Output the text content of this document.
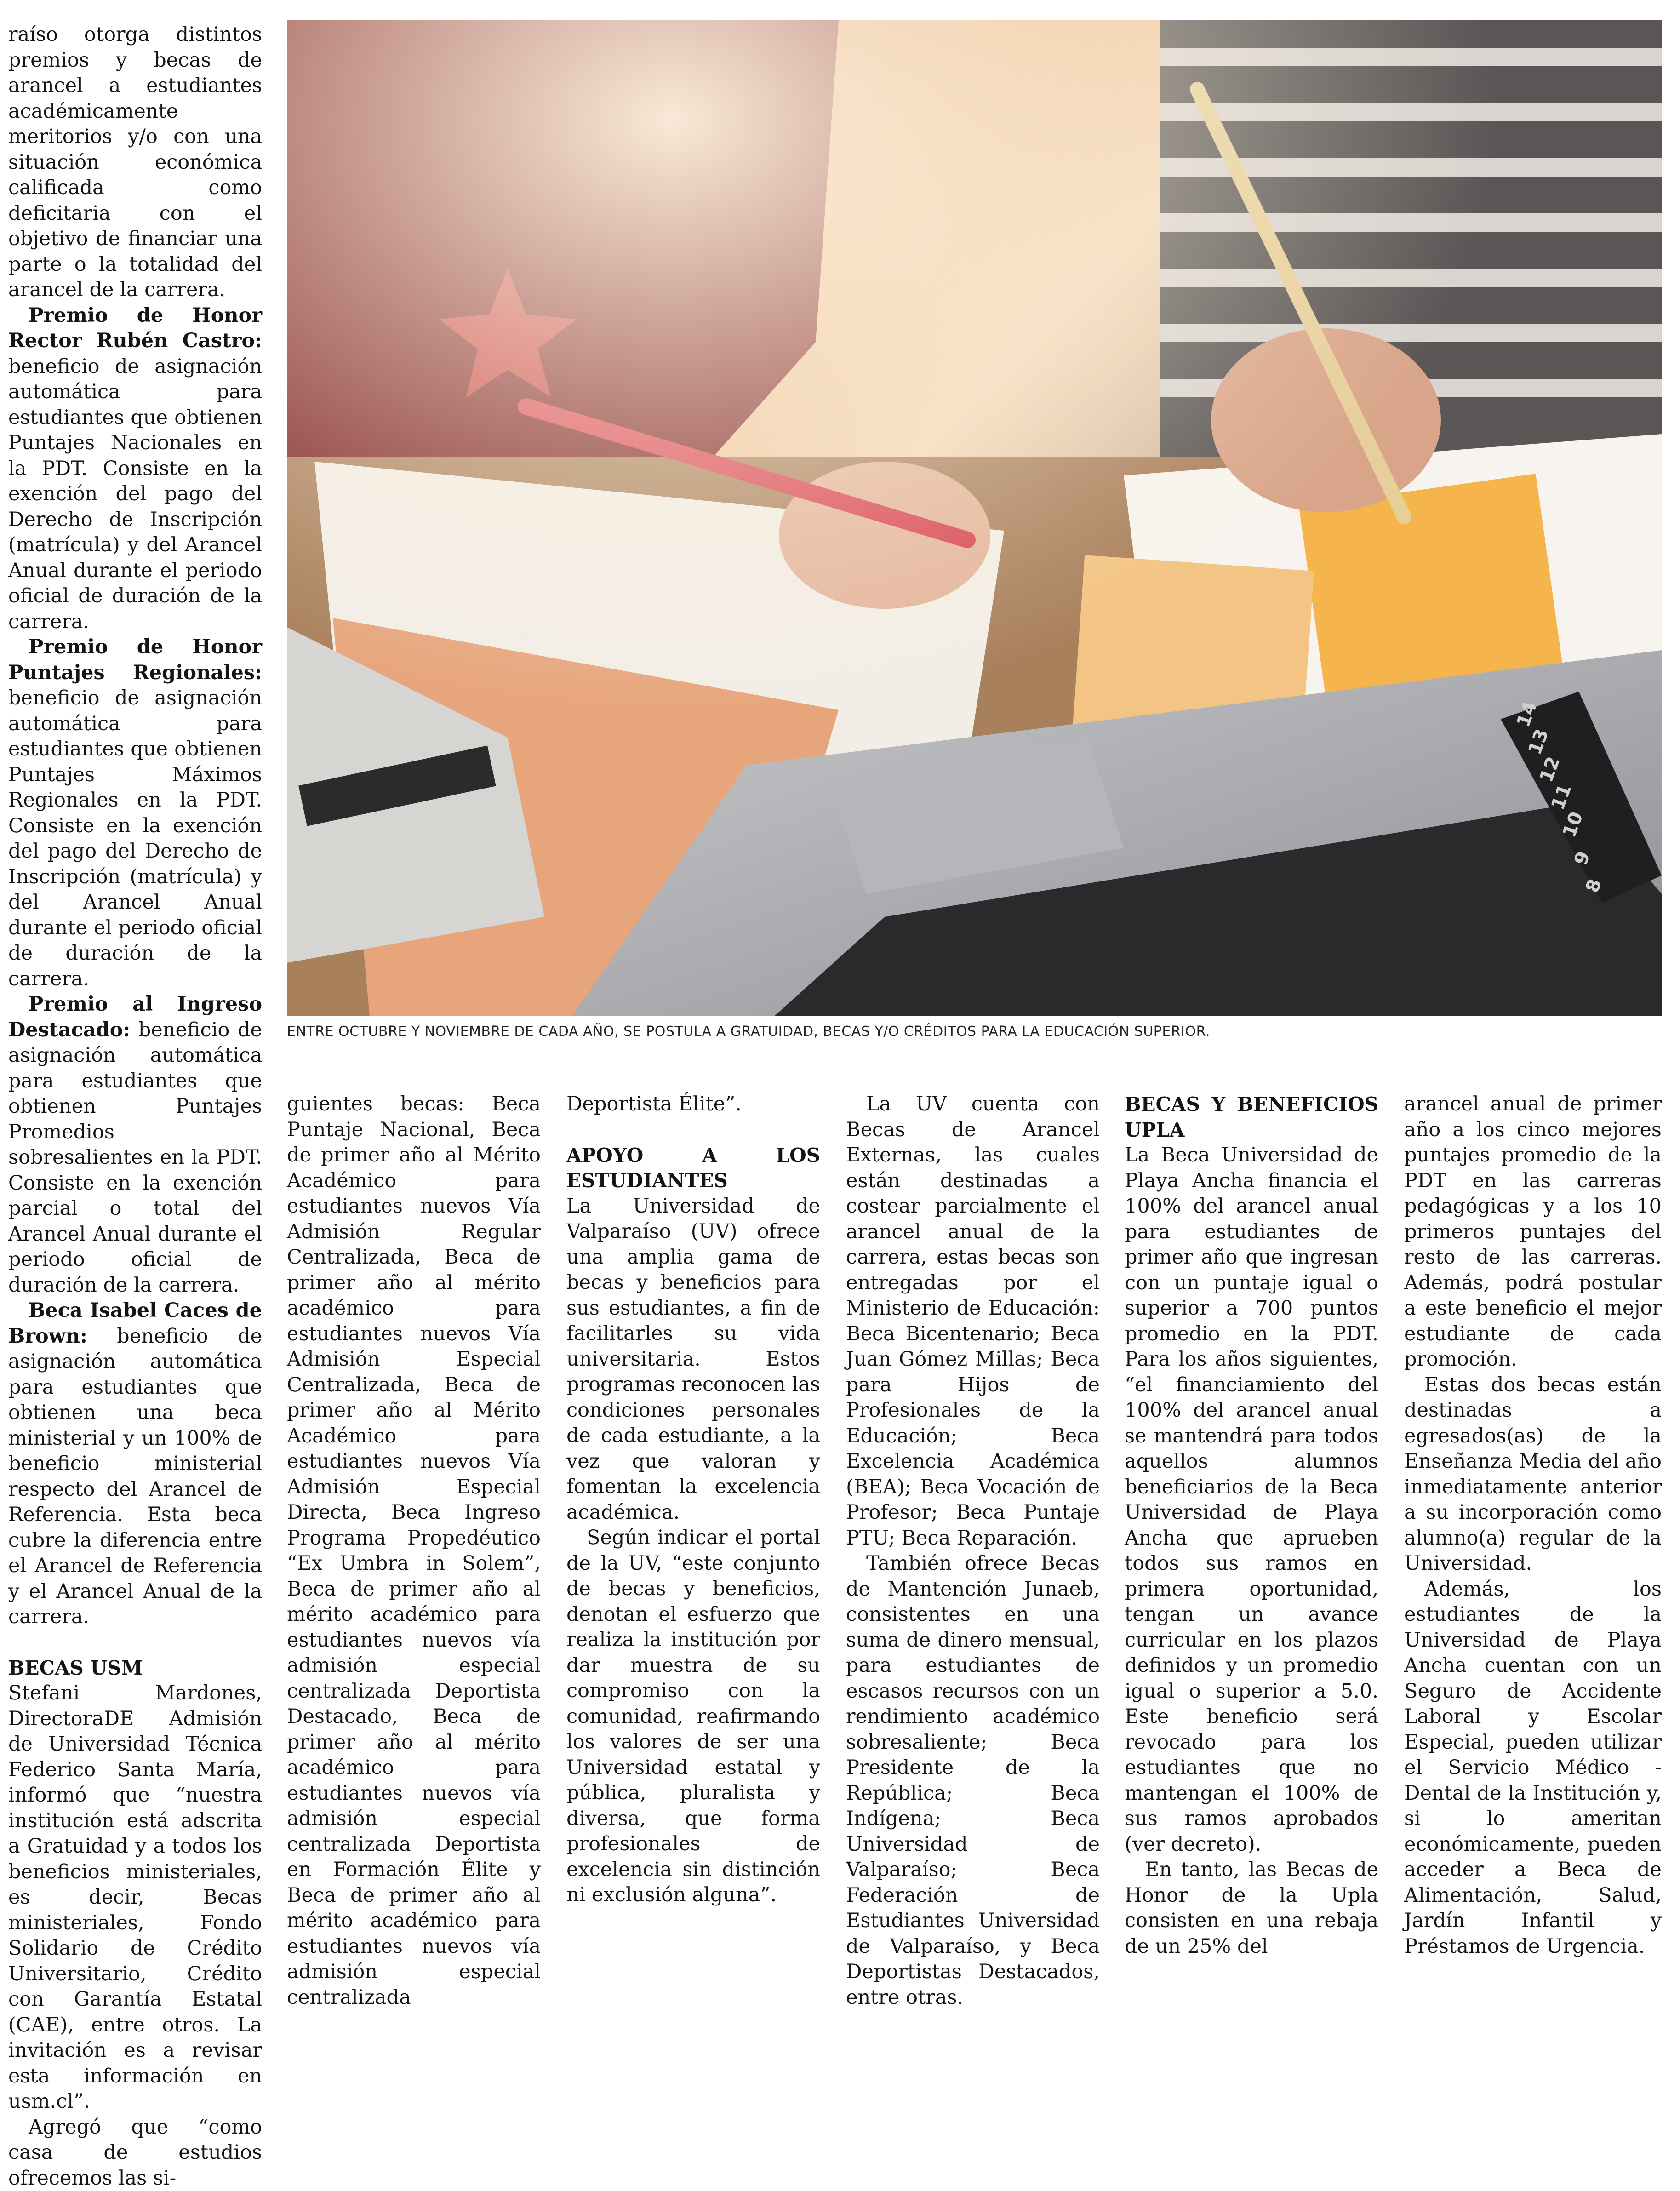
raíso otorga distintos premios y becas de arancel a estudiantes académicamente meritorios y/o con una situación económica calificada como deficitaria con el objetivo de financiar una parte o la totalidad del arancel de la carrera.

Premio de Honor Rector Rubén Castro: beneficio de asignación automática para estudiantes que obtienen Puntajes Nacionales en la PDT. Consiste en la exención del pago del Derecho de Inscripción (matrícula) y del Arancel Anual durante el periodo oficial de duración de la carrera.

Premio de Honor Puntajes Regionales: beneficio de asignación automática para estudiantes que obtienen Puntajes Máximos Regionales en la PDT. Consiste en la exención del pago del Derecho de Inscripción (matrícula) y del Arancel Anual durante el periodo oficial de duración de la carrera.

Premio al Ingreso Destacado: beneficio de asignación automática para estudiantes que obtienen Puntajes Promedios sobresalientes en la PDT. Consiste en la exención parcial o total del Arancel Anual durante el periodo oficial de duración de la carrera.

Beca Isabel Caces de Brown: beneficio de asignación automática para estudiantes que obtienen una beca ministerial y un 100% de beneficio ministerial respecto del Arancel de Referencia. Esta beca cubre la diferencia entre el Arancel de Referencia y el Arancel Anual de la carrera.

BECAS USM

Stefani Mardones, DirectoraDE Admisión de Universidad Técnica Federico Santa María, informó que “nuestra institución está adscrita a Gratuidad y a todos los beneficios ministeriales, es decir, Becas ministeriales, Fondo Solidario de Crédito Universitario, Crédito con Garantía Estatal (CAE), entre otros. La invitación es a revisar esta información en usm.cl”.

Agregó que “como casa de estudios ofrecemos las si-

ENTRE OCTUBRE Y NOVIEMBRE DE CADA AÑO, SE POSTULA A GRATUIDAD, BECAS Y/O CRÉDITOS PARA LA EDUCACIÓN SUPERIOR.

guientes becas: Beca Puntaje Nacional, Beca de primer año al Mérito Académico para estudiantes nuevos Vía Admisión Regular Centralizada, Beca de primer año al mérito académico para estudiantes nuevos Vía Admisión Especial Centralizada, Beca de primer año al Mérito Académico para estudiantes nuevos Vía Admisión Especial Directa, Beca Ingreso Programa Propedéutico “Ex Umbra in Solem”, Beca de primer año al mérito académico para estudiantes nuevos vía admisión especial centralizada Deportista Destacado, Beca de primer año al mérito académico para estudiantes nuevos vía admisión especial centralizada Deportista en Formación Élite y Beca de primer año al mérito académico para estudiantes nuevos vía admisión especial centralizada

Deportista Élite”.

APOYO A LOS ESTUDIANTES

La Universidad de Valparaíso (UV) ofrece una amplia gama de becas y beneficios para sus estudiantes, a fin de facilitarles su vida universitaria. Estos programas reconocen las condiciones personales de cada estudiante, a la vez que valoran y fomentan la excelencia académica.

Según indicar el portal de la UV, “este conjunto de becas y beneficios, denotan el esfuerzo que realiza la institución por dar muestra de su compromiso con la comunidad, reafirmando los valores de ser una Universidad estatal y pública, pluralista y diversa, que forma profesionales de excelencia sin distinción ni exclusión alguna”.

La UV cuenta con Becas de Arancel Externas, las cuales están destinadas a costear parcialmente el arancel anual de la carrera, estas becas son entregadas por el Ministerio de Educación: Beca Bicentenario; Beca Juan Gómez Millas; Beca para Hijos de Profesionales de la Educación; Beca Excelencia Académica (BEA); Beca Vocación de Profesor; Beca Puntaje PTU; Beca Reparación.

También ofrece Becas de Mantención Junaeb, consistentes en una suma de dinero mensual, para estudiantes de escasos recursos con un rendimiento académico sobresaliente; Beca Presidente de la República; Beca Indígena; Beca Universidad de Valparaíso; Beca Federación de Estudiantes Universidad de Valparaíso, y Beca Deportistas Destacados, entre otras.

BECAS Y BENEFICIOS UPLA

La Beca Universidad de Playa Ancha financia el 100% del arancel anual para estudiantes de primer año que ingresan con un puntaje igual o superior a 700 puntos promedio en la PDT. Para los años siguientes, “el financiamiento del 100% del arancel anual se mantendrá para todos aquellos alumnos beneficiarios de la Beca Universidad de Playa Ancha que aprueben todos sus ramos en primera oportunidad, tengan un avance curricular en los plazos definidos y un promedio igual o superior a 5.0. Este beneficio será revocado para los estudiantes que no mantengan el 100% de sus ramos aprobados (ver decreto).

En tanto, las Becas de Honor de la Upla consisten en una rebaja de un 25% del

arancel anual de primer año a los cinco mejores puntajes promedio de la PDT en las carreras pedagógicas y a los 10 primeros puntajes del resto de las carreras. Además, podrá postular a este beneficio el mejor estudiante de cada promoción.

Estas dos becas están destinadas a egresados(as) de la Enseñanza Media del año inmediatamente anterior a su incorporación como alumno(a) regular de la Universidad.

Además, los estudiantes de la Universidad de Playa Ancha cuentan con un Seguro de Accidente Laboral y Escolar Especial, pueden utilizar el Servicio Médico - Dental de la Institución y, si lo ameritan económicamente, pueden acceder a Beca de Alimentación, Salud, Jardín Infantil y Préstamos de Urgencia.
